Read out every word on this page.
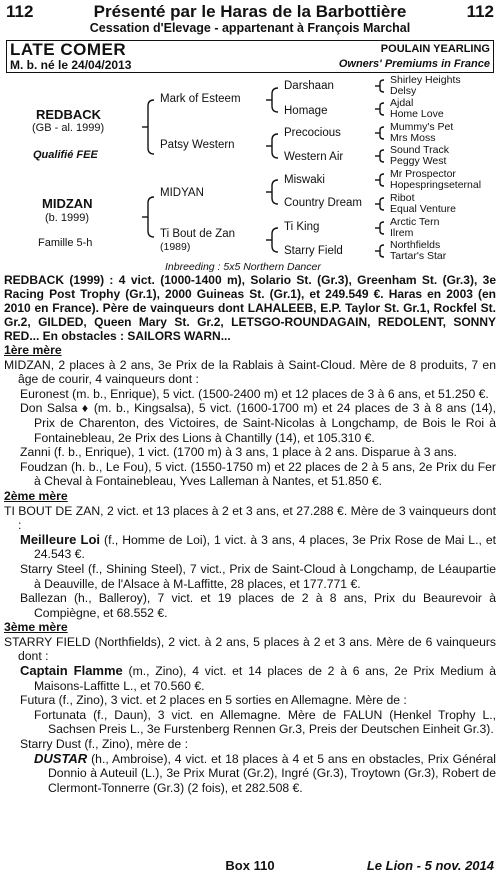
112	Présenté par le Haras de la Barbottière	112
Cessation d'Elevage - appartenant à François Marchal
LATE COMER
M. b. né le 24/04/2013
POULAIN YEARLING
Owners' Premiums in France
REDBACK
(GB - al. 1999)
Qualifié FEE
MIDZAN
(b. 1999)
Famille 5-h
Mark of Esteem
Patsy Western
MIDYAN
Ti Bout de Zan
(1989)
Darshaan
Homage
Precocious
Western Air
Miswaki
Country Dream
Ti King
Starry Field
Shirley Heights
Delsy
Ajdal
Home Love
Mummy's Pet
Mrs Moss
Sound Track
Peggy West
Mr Prospector
Hopespringseternal
Ribot
Equal Venture
Arctic Tern
Ilrem
Northfields
Tartar's Star
Inbreeding : 5x5 Northern Dancer

REDBACK (1999) : 4 vict. (1000-1400 m), Solario St. (Gr.3), Greenham St. (Gr.3), 3e Racing Post Trophy (Gr.1), 2000 Guineas St. (Gr.1), et 249.549 €. Haras en 2003 (en 2010 en France). Père de vainqueurs dont LAHALEEB, E.P. Taylor St. Gr.1, Rockfel St. Gr.2, GILDED, Queen Mary St. Gr.2, LETSGO-ROUNDAGAIN, REDOLENT, SONNY RED... En obstacles : SAILORS WARN...

1ère mère

MIDZAN, 2 places à 2 ans, 3e Prix de la Rablais à Saint-Cloud. Mère de 8 produits, 7 en âge de courir, 4 vainqueurs dont :

Euronest (m. b., Enrique), 5 vict. (1500-2400 m) et 12 places de 3 à 6 ans, et 51.250 €.

Don Salsa ♦ (m. b., Kingsalsa), 5 vict. (1600-1700 m) et 24 places de 3 à 8 ans (14), Prix de Charenton, des Victoires, de Saint-Nicolas à Longchamp, de Bois le Roi à Fontainebleau, 2e Prix des Lions à Chantilly (14), et 105.310 €.

Zanni (f. b., Enrique), 1 vict. (1700 m) à 3 ans, 1 place à 2 ans. Disparue à 3 ans.

Foudzan (h. b., Le Fou), 5 vict. (1550-1750 m) et 22 places de 2 à 5 ans, 2e Prix du Fer à Cheval à Fontainebleau, Yves Lalleman à Nantes, et 51.850 €.

2ème mère

TI BOUT DE ZAN, 2 vict. et 13 places à 2 et 3 ans, et 27.288 €. Mère de 3 vainqueurs dont :

Meilleure Loi (f., Homme de Loi), 1 vict. à 3 ans, 4 places, 3e Prix Rose de Mai L., et 24.543 €.

Starry Steel (f., Shining Steel), 7 vict., Prix de Saint-Cloud à Longchamp, de Léaupartie à Deauville, de l'Alsace à M-Laffitte, 28 places, et 177.771 €.

Ballezan (h., Balleroy), 7 vict. et 19 places de 2 à 8 ans, Prix du Beaurevoir à Compiègne, et 68.552 €.

3ème mère

STARRY FIELD (Northfields), 2 vict. à 2 ans, 5 places à 2 et 3 ans. Mère de 6 vainqueurs dont :

Captain Flamme (m., Zino), 4 vict. et 14 places de 2 à 6 ans, 2e Prix Medium à Maisons-Laffitte L., et 70.560 €.

Futura (f., Zino), 3 vict. et 2 places en 5 sorties en Allemagne. Mère de :

Fortunata (f., Daun), 3 vict. en Allemagne. Mère de FALUN (Henkel Trophy L., Sachsen Preis L., 3e Furstenberg Rennen Gr.3, Preis der Deutschen Einheit Gr.3).

Starry Dust (f., Zino), mère de :

DUSTAR (h., Ambroise), 4 vict. et 18 places à 4 et 5 ans en obstacles, Prix Général Donnio à Auteuil (L.), 3e Prix Murat (Gr.2), Ingré (Gr.3), Troytown (Gr.3), Robert de Clermont-Tonnerre (Gr.3) (2 fois), et 282.508 €.

Box 110	Le Lion - 5 nov. 2014
